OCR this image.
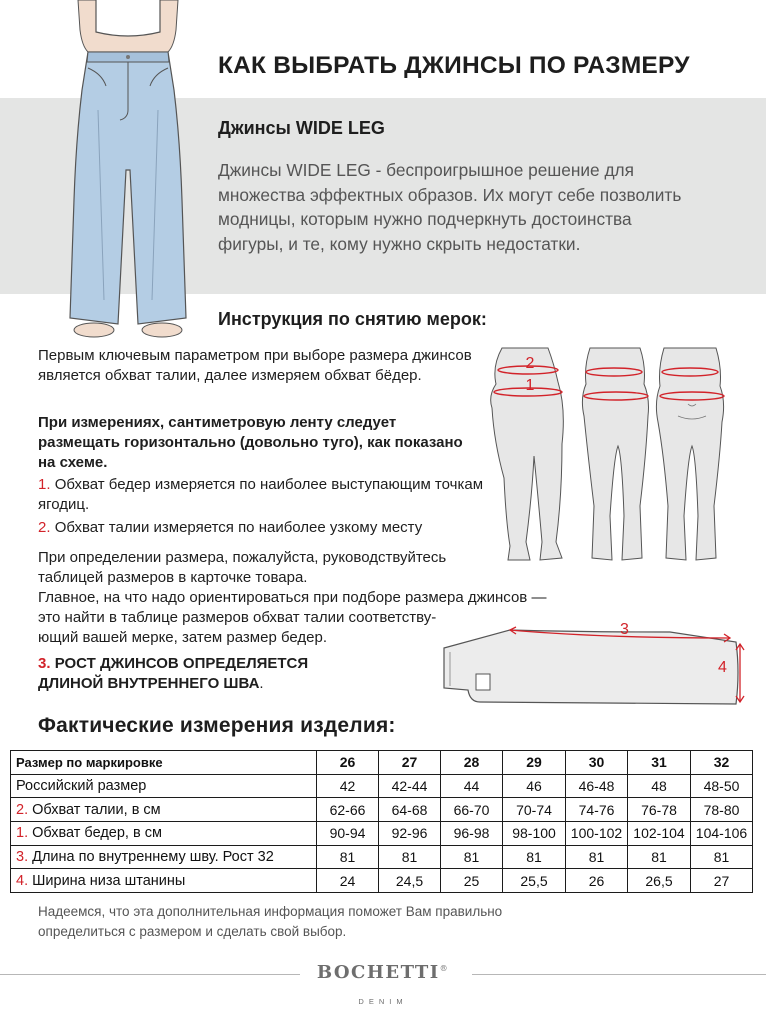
КАК ВЫБРАТЬ ДЖИНСЫ ПО РАЗМЕРУ
Джинсы WIDE LEG
Джинсы WIDE LEG - беспроигрышное решение для множества эффектных образов. Их могут себе позволить модницы, которым нужно подчеркнуть достоинства фигуры, и те, кому нужно скрыть недостатки.
Инструкция по снятию мерок:
Первым ключевым параметром при выборе размера джинсов является обхват талии, далее измеряем обхват бёдер.
При измерениях, сантиметровую ленту следует размещать горизонтально (довольно туго), как показано на схеме.
1. Обхват бедер измеряется по наиболее выступающим точкам ягодиц.
2. Обхват талии измеряется по наиболее узкому месту
При определении размера, пожалуйста, руководствуйтесь
таблицей размеров в карточке товара.
Главное, на что надо ориентироваться при подборе размера джинсов —
это найти в таблице размеров обхват талии соответству-
ющий вашей мерке, затем размер бедер.
3. РОСТ ДЖИНСОВ ОПРЕДЕЛЯЕТСЯ
ДЛИНОЙ ВНУТРЕННЕГО ШВА.
2
1
3
4
Фактические измерения изделия:
Размер по маркировке	26	27	28	29	30	31	32
Российский размер	42	42-44	44	46	46-48	48	48-50
2. Обхват талии, в см	62-66	64-68	66-70	70-74	74-76	76-78	78-80
1. Обхват бедер, в см	90-94	92-96	96-98	98-100	100-102	102-104	104-106
3. Длина по внутреннему шву. Рост 32	81	81	81	81	81	81	81
4. Ширина низа штанины	24	24,5	25	25,5	26	26,5	27
Надеемся, что эта дополнительная информация поможет Вам правильно определиться с размером и сделать свой выбор.
BOCHETTI®
DENIM
